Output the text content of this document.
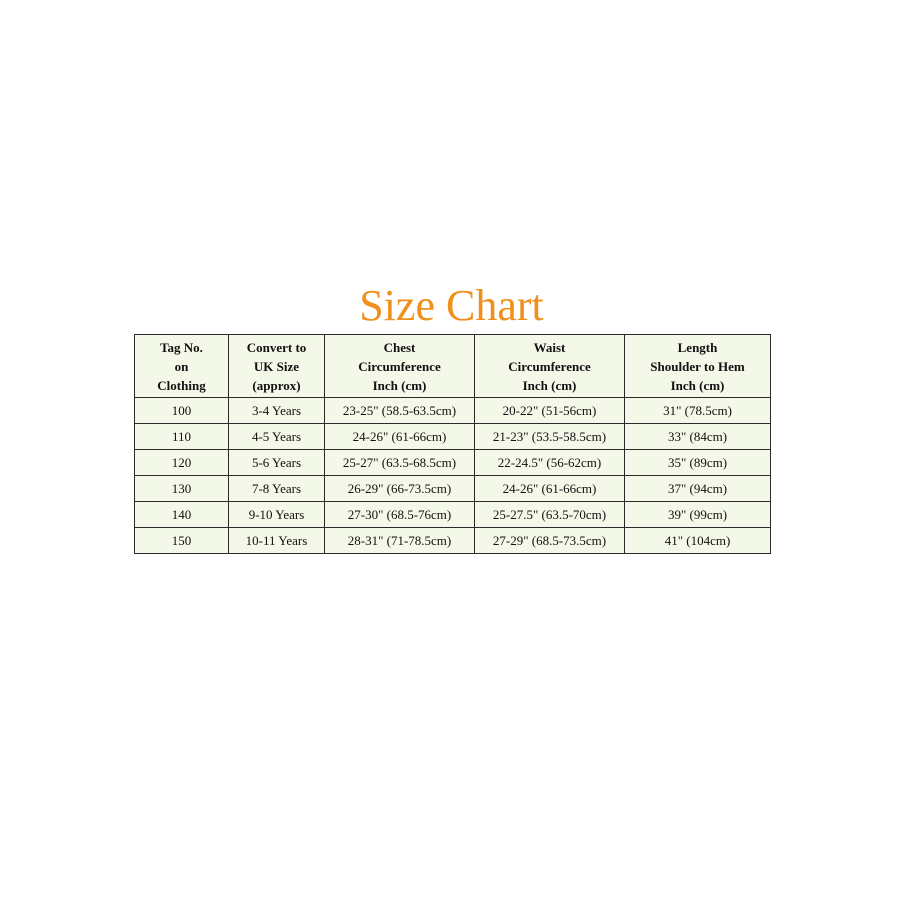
Size Chart
Tag No.
on
Clothing	Convert to
UK Size
(approx)	Chest
Circumference
Inch (cm)	Waist
Circumference
Inch (cm)	Length
Shoulder to Hem
Inch (cm)

100	3-4 Years	23-25" (58.5-63.5cm)	20-22" (51-56cm)	31" (78.5cm)
110	4-5 Years	24-26" (61-66cm)	21-23" (53.5-58.5cm)	33" (84cm)
120	5-6 Years	25-27" (63.5-68.5cm)	22-24.5" (56-62cm)	35" (89cm)
130	7-8 Years	26-29" (66-73.5cm)	24-26" (61-66cm)	37" (94cm)
140	9-10 Years	27-30" (68.5-76cm)	25-27.5" (63.5-70cm)	39" (99cm)
150	10-11 Years	28-31" (71-78.5cm)	27-29" (68.5-73.5cm)	41" (104cm)
